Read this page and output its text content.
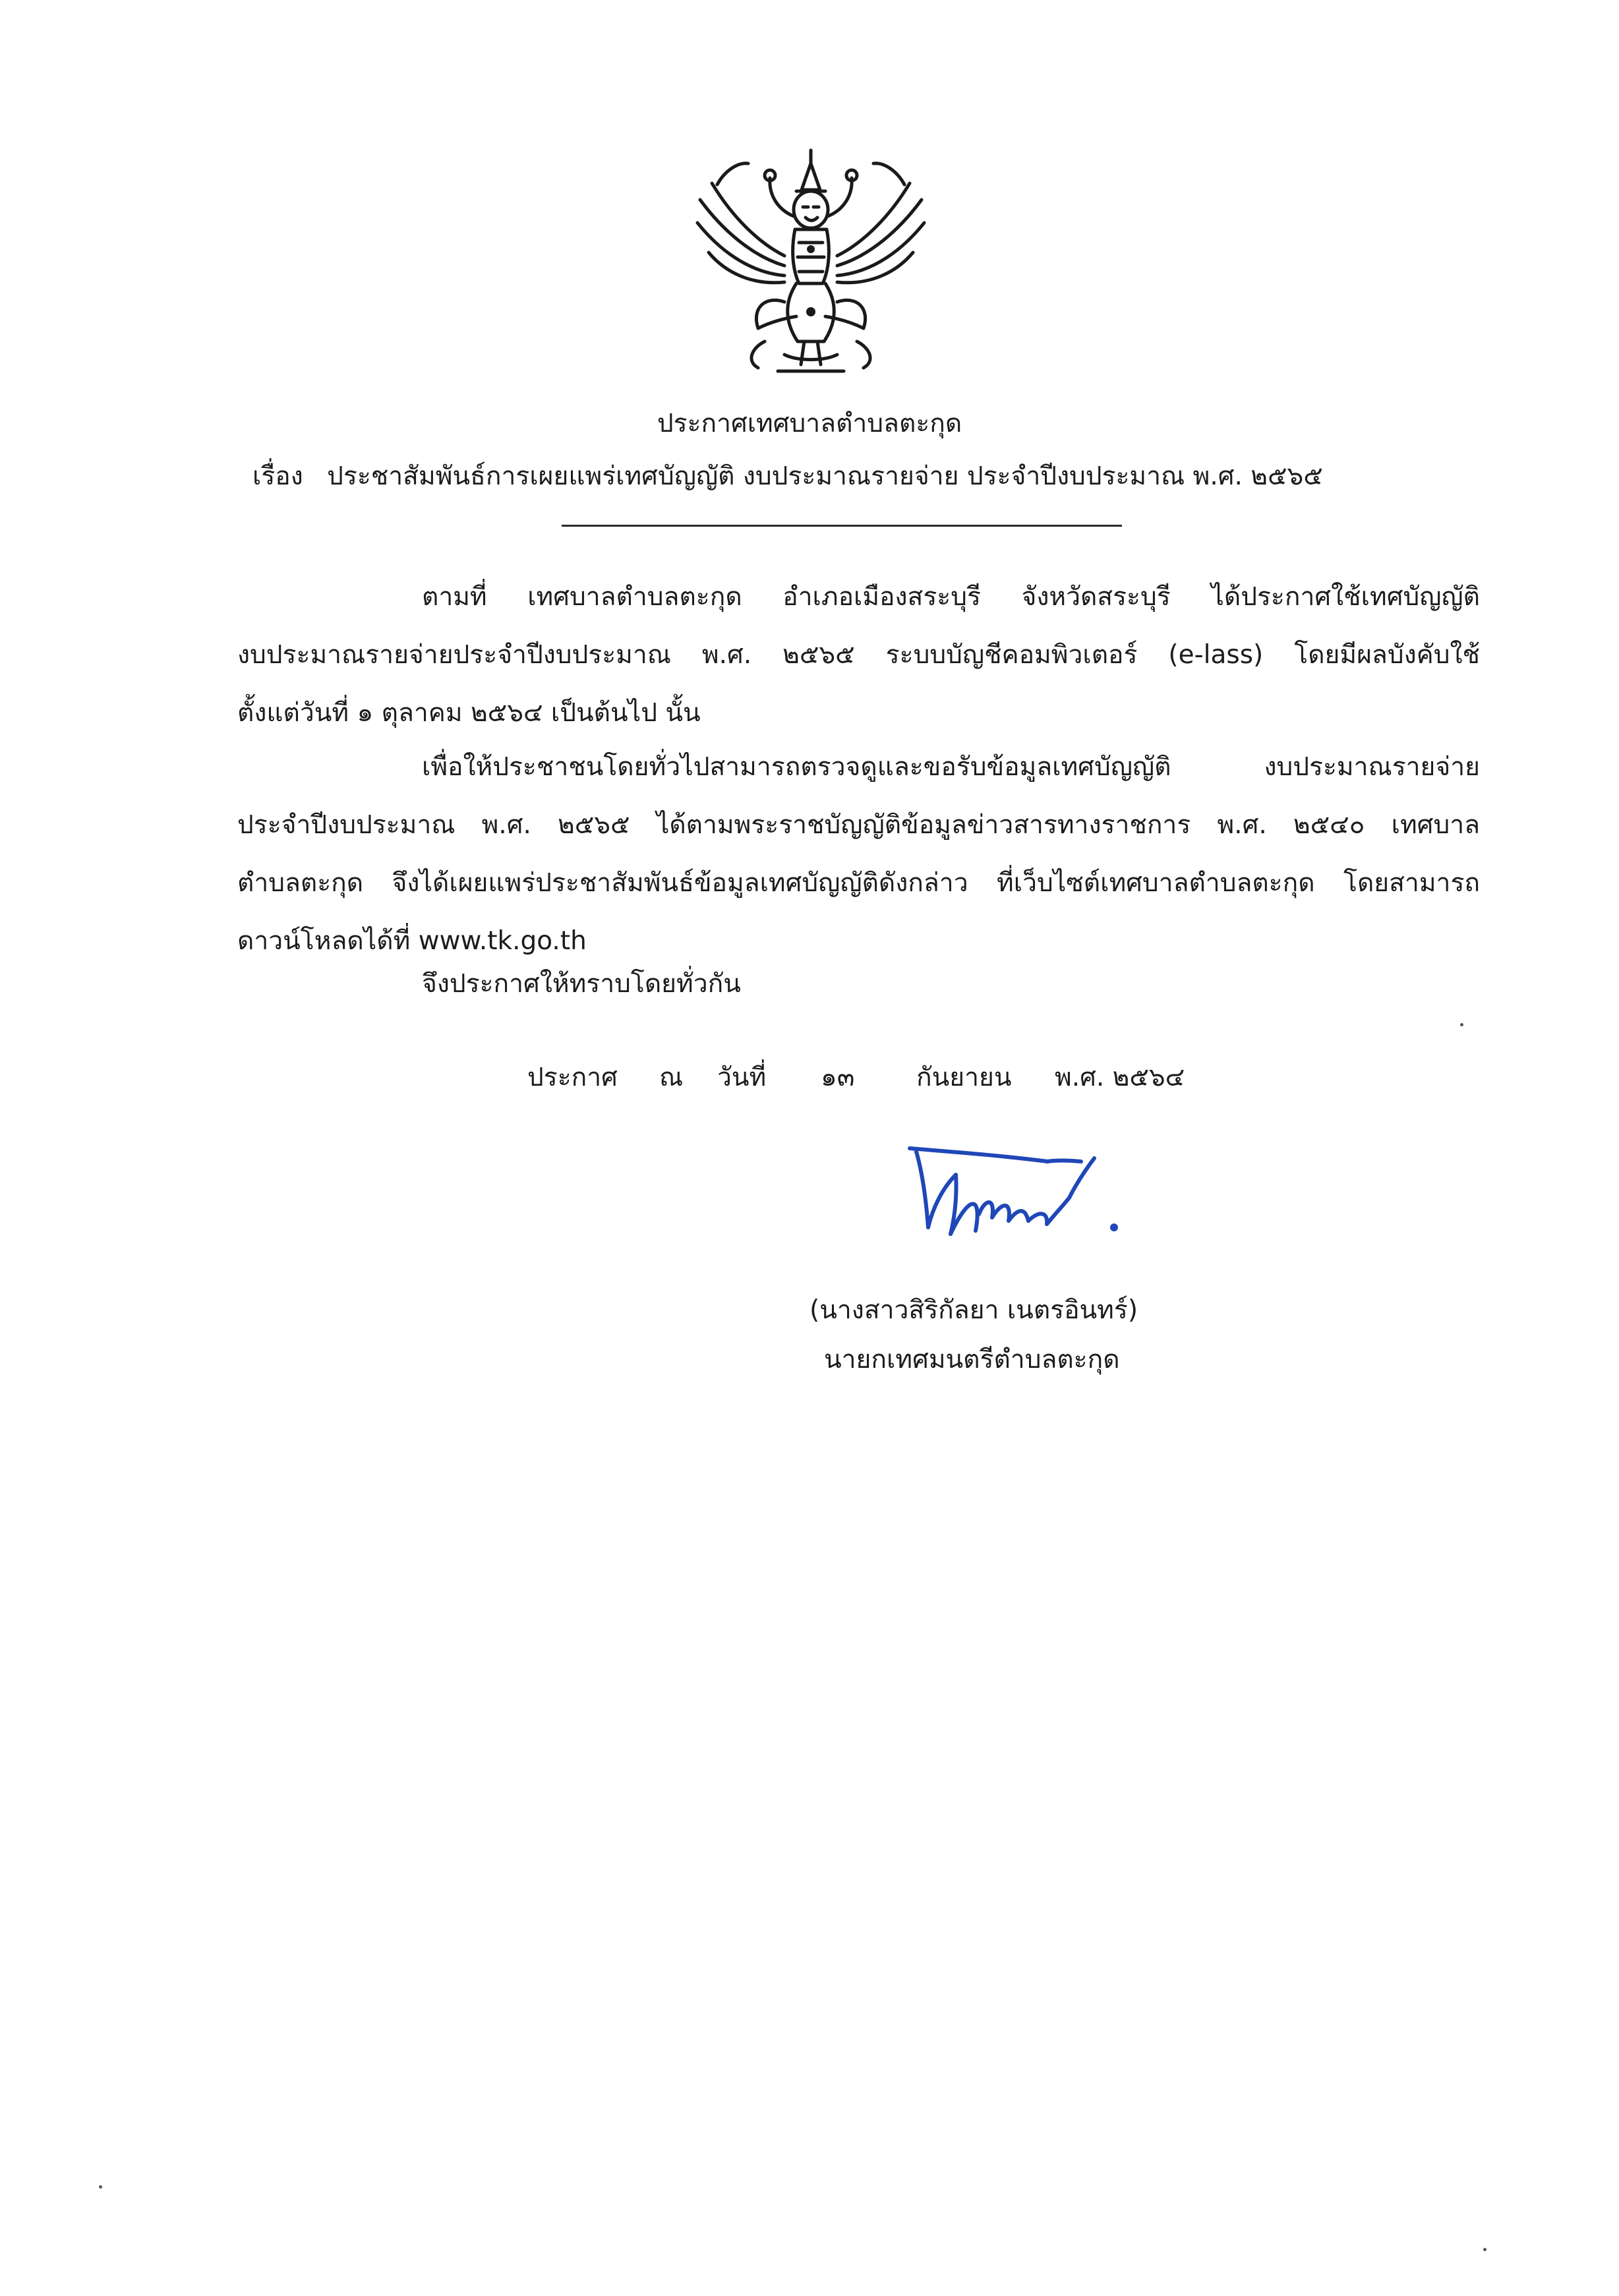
ประกาศเทศบาลตำบลตะกุด
เรื่อง ประชาสัมพันธ์การเผยแพร่เทศบัญญัติ งบประมาณรายจ่าย ประจำปีงบประมาณ พ.ศ. ๒๕๖๕
ตามที่ เทศบาลตำบลตะกุด อำเภอเมืองสระบุรี จังหวัดสระบุรี ได้ประกาศใช้เทศบัญญัติ
งบประมาณรายจ่ายประจำปีงบประมาณ พ.ศ. ๒๕๖๕ ระบบบัญชีคอมพิวเตอร์ (e-lass) โดยมีผลบังคับใช้
ตั้งแต่วันที่ ๑ ตุลาคม ๒๕๖๔ เป็นต้นไป นั้น
เพื่อให้ประชาชนโดยทั่วไปสามารถตรวจดูและขอรับข้อมูลเทศบัญญัติ งบประมาณรายจ่าย
ประจำปีงบประมาณ พ.ศ. ๒๕๖๕ ได้ตามพระราชบัญญัติข้อมูลข่าวสารทางราชการ พ.ศ. ๒๕๔๐ เทศบาล
ตำบลตะกุด จึงได้เผยแพร่ประชาสัมพันธ์ข้อมูลเทศบัญญัติดังกล่าว ที่เว็บไซต์เทศบาลตำบลตะกุด โดยสามารถ
ดาวน์โหลดได้ที่ www.tk.go.th
จึงประกาศให้ทราบโดยทั่วกัน
ประกาศ ณ วันที่ ๑๓ กันยายน พ.ศ. ๒๕๖๔
(นางสาวสิริกัลยา เนตรอินทร์)
นายกเทศมนตรีตำบลตะกุด
